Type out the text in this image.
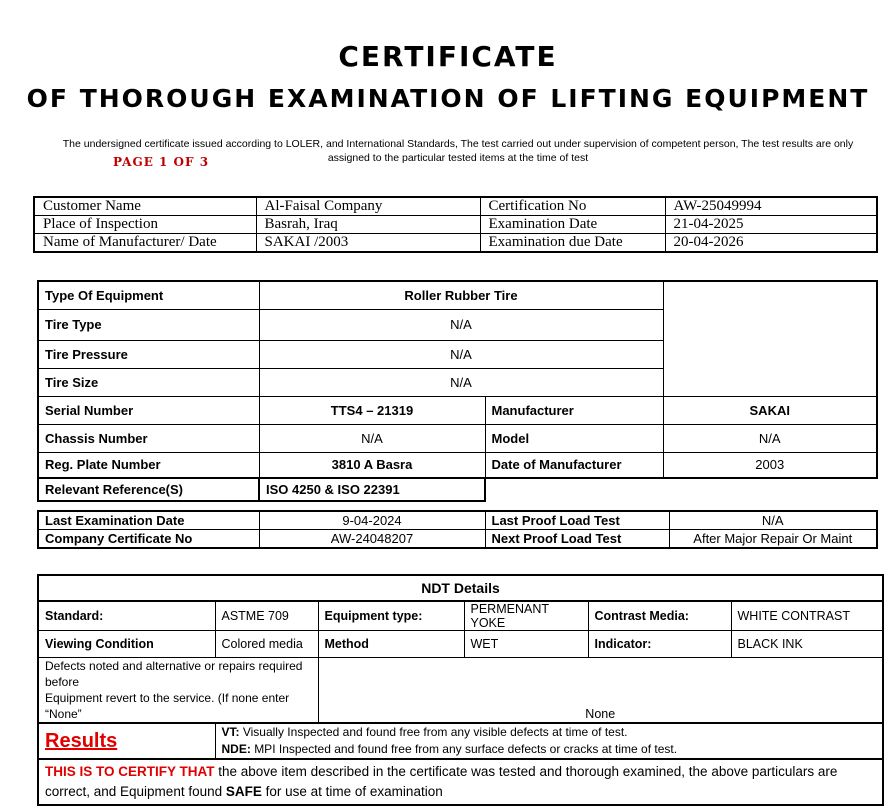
CERTIFICATE
OF THOROUGH EXAMINATION OF LIFTING EQUIPMENT
The undersigned certificate issued according to LOLER, and International Standards, The test carried out under supervision of competent person, The test results are only
assigned to the particular tested items at the time of test
PAGE 1 OF 3
Customer Name	Al-Faisal Company	Certification No	AW-25049994
Place of Inspection	Basrah, Iraq	Examination Date	21-04-2025
Name of Manufacturer/ Date	SAKAI /2003	Examination due Date	20-04-2026
Type Of Equipment	Roller Rubber Tire		
Tire Type	N/A		
Tire Pressure	N/A		
Tire Size	N/A		
Serial Number	TTS4 – 21319	Manufacturer	SAKAI
Chassis Number	N/A	Model	N/A
Reg. Plate Number	3810 A Basra	Date of Manufacturer	2003
Relevant Reference(S)	ISO 4250 & ISO 22391		
Last Examination Date	9-04-2024	Last Proof Load Test	N/A
Company Certificate No	AW-24048207	Next Proof Load Test	After Major Repair Or Maint
NDT Details					
Standard:	ASTME 709	Equipment type:	PERMENANT YOKE	Contrast Media:	WHITE CONTRAST
Viewing Condition	Colored media	Method	WET	Indicator:	BLACK INK

Defects noted and alternative or repairs required before
Equipment revert to the service. (If none enter “None”		None			
Results	VT: Visually Inspected and found free from any visible defects at time of test.
NDE: MPI Inspected and found free from any surface defects or cracks at time of test.				

THIS IS TO CERTIFY THAT the above item described in the certificate was tested and thorough examined, the above particulars are correct, and Equipment found SAFE for use at time of examination					
